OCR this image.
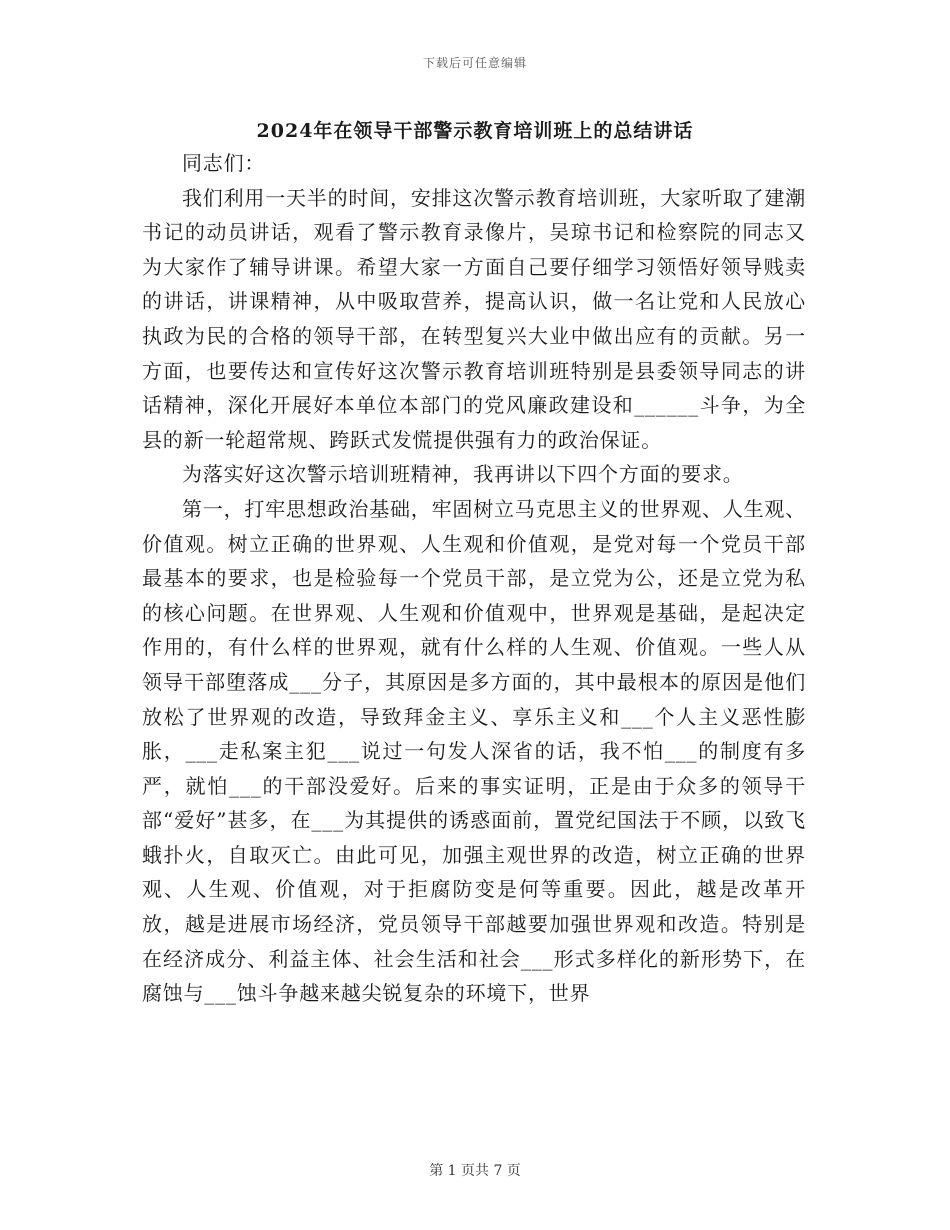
下载后可任意编辑
2024年在领导干部警示教育培训班上的总结讲话

同志们：

我们利用一天半的时间，安排这次警示教育培训班，大家听取了建潮书记的动员讲话，观看了警示教育录像片，吴琼书记和检察院的同志又为大家作了辅导讲课。希望大家一方面自己要仔细学习领悟好领导贱卖的讲话，讲课精神，从中吸取营养，提高认识，做一名让党和人民放心执政为民的合格的领导干部，在转型复兴大业中做出应有的贡献。另一方面，也要传达和宣传好这次警示教育培训班特别是县委领导同志的讲话精神，深化开展好本单位本部门的党风廉政建设和______斗争，为全县的新一轮超常规、跨跃式发慌提供强有力的政治保证。

为落实好这次警示培训班精神，我再讲以下四个方面的要求。

第一，打牢思想政治基础，牢固树立马克思主义的世界观、人生观、价值观。树立正确的世界观、人生观和价值观，是党对每一个党员干部最基本的要求，也是检验每一个党员干部，是立党为公，还是立党为私的核心问题。在世界观、人生观和价值观中，世界观是基础，是起决定作用的，有什么样的世界观，就有什么样的人生观、价值观。一些人从领导干部堕落成___分子，其原因是多方面的，其中最根本的原因是他们放松了世界观的改造，导致拜金主义、享乐主义和___个人主义恶性膨胀，___走私案主犯___说过一句发人深省的话，我不怕___的制度有多严，就怕___的干部没爱好。后来的事实证明，正是由于众多的领导干部“爱好”甚多，在___为其提供的诱惑面前，置党纪国法于不顾，以致飞蛾扑火，自取灭亡。由此可见，加强主观世界的改造，树立正确的世界观、人生观、价值观，对于拒腐防变是何等重要。因此，越是改革开放，越是进展市场经济，党员领导干部越要加强世界观和改造。特别是在经济成分、利益主体、社会生活和社会___形式多样化的新形势下，在腐蚀与___蚀斗争越来越尖锐复杂的环境下，世界

第 1 页共 7 页
